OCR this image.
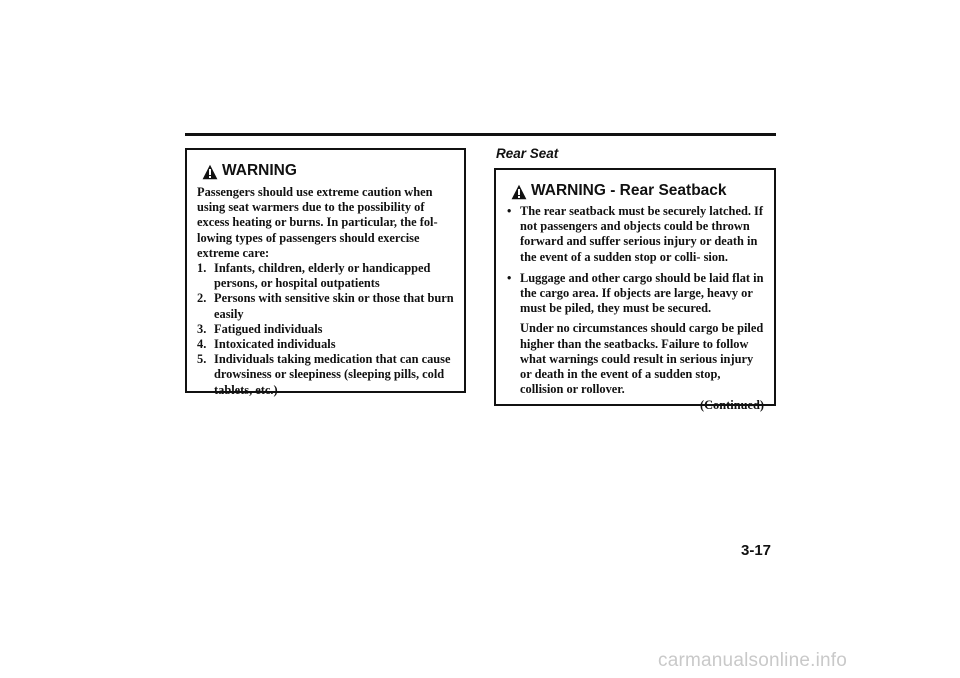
WARNING
Passengers should use extreme caution when using seat warmers due to the possibility of excess heating or burns. In particular, the fol- lowing types of passengers should exercise extreme care:
1. Infants, children, elderly or handicapped persons, or hospital outpatients
2. Persons with sensitive skin or those that burn easily
3. Fatigued individuals
4. Intoxicated individuals
5. Individuals taking medication that can cause drowsiness or sleepiness (sleeping pills, cold tablets, etc.)
Rear Seat
WARNING - Rear Seatback
• The rear seatback must be securely latched. If not passengers and objects could be thrown forward and suffer serious injury or death in the event of a sudden stop or colli- sion.
• Luggage and other cargo should be laid flat in the cargo area. If objects are large, heavy or must be piled, they must be secured.
Under no circumstances should cargo be piled higher than the seatbacks. Failure to follow what warnings could result in serious injury or death in the event of a sudden stop, collision or rollover.
(Continued)
3-17
carmanualsonline.info
